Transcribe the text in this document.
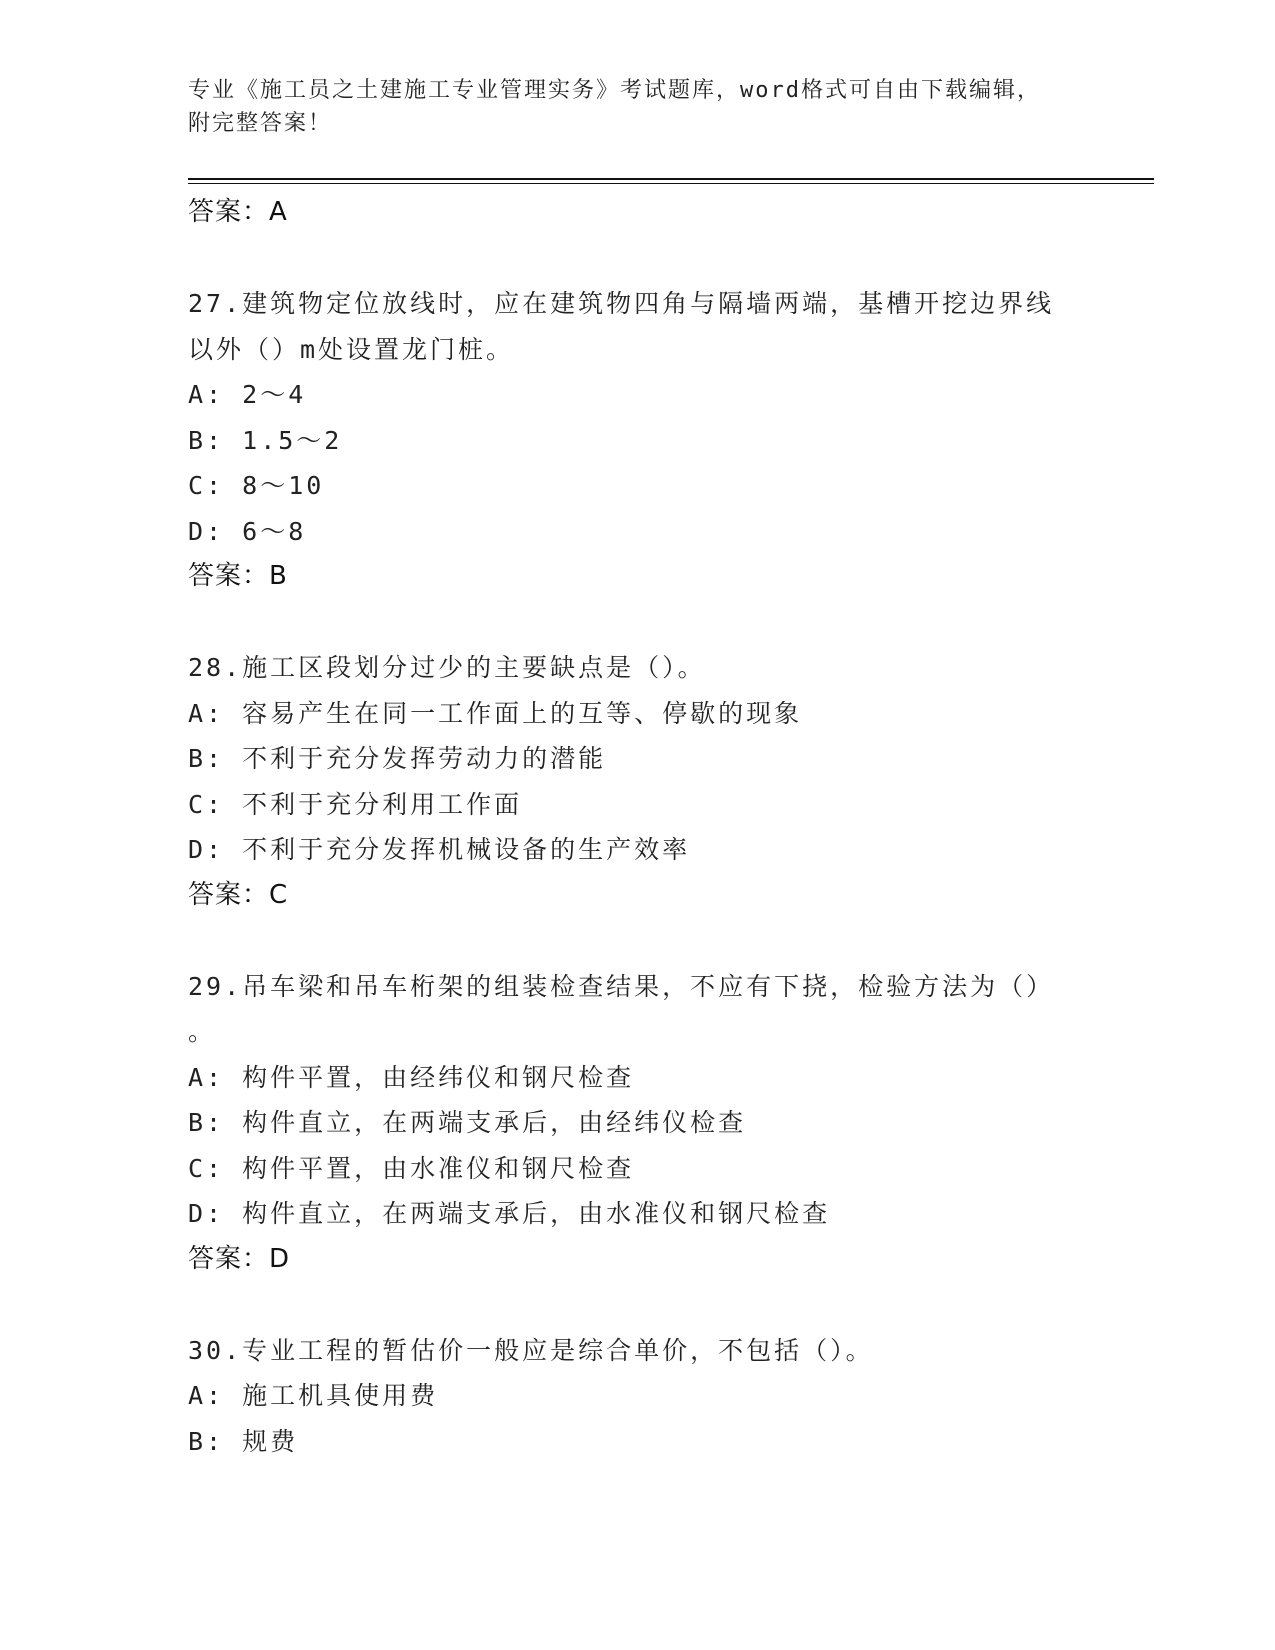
专业《施工员之土建施工专业管理实务》考试题库，word格式可自由下载编辑，
附完整答案！
答案：A
27.建筑物定位放线时，应在建筑物四角与隔墙两端，基槽开挖边界线
以外（）m处设置龙门桩。
A: 2～4
B: 1.5～2
C: 8～10
D: 6～8
答案：B
28.施工区段划分过少的主要缺点是（）。
A: 容易产生在同一工作面上的互等、停歇的现象
B: 不利于充分发挥劳动力的潜能
C: 不利于充分利用工作面
D: 不利于充分发挥机械设备的生产效率
答案：C
29.吊车梁和吊车桁架的组装检查结果，不应有下挠，检验方法为（）
。
A: 构件平置，由经纬仪和钢尺检查
B: 构件直立，在两端支承后，由经纬仪检查
C: 构件平置，由水准仪和钢尺检查
D: 构件直立，在两端支承后，由水准仪和钢尺检查
答案：D
30.专业工程的暂估价一般应是综合单价，不包括（）。
A: 施工机具使用费
B: 规费
